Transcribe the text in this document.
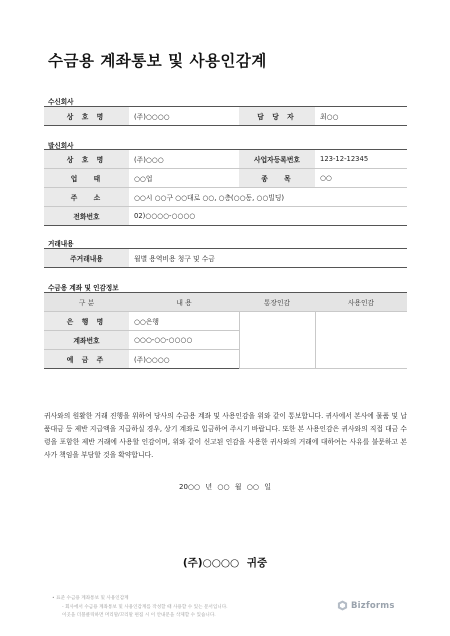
수금용 계좌통보 및 사용인감계
수신회사
상 호 명	(주)○○○○	담 당 자	최○○
발신회사
상 호 명	(주)○○○	사업자등록번호	123-12-12345
업 태	○○업	종 목	○○
주 소	○○시 ○○구 ○○대로 ○○, ○층(○○동, ○○빌딩)		
전화번호	02)○○○○-○○○○		
거래내용
주거래내용	월별 용역비용 청구 및 수금
수금용 계좌 및 인감정보
구 분	내 용	통장인감	사용인감
은 행 명	○○은행		
계좌번호	○○○-○○-○○○○		
예 금 주	(주)○○○○		

귀사와의 원활한 거래 진행을 위하여 당사의 수금용 계좌 및 사용인감을 위와 같이 통보합니다. 귀사에서 본사에 물품 및 납품대금 등 제반 지급액을 지급하실 경우, 상기 계좌로 입금하여 주시기 바랍니다. 또한 본 사용인감은 귀사와의 직접 대금 수령을 포함한 제반 거래에 사용할 인감이며, 위와 같이 신고된 인감을 사용한 귀사와의 거래에 대하여는 사유를 불문하고 본사가 책임을 부담할 것을 확약합니다.

20○○ 년 ○○ 월 ○○ 일
(주)○○○○ 귀중
• 표준 수금용 계좌통보 및 사용인감계
- 회사에서 수금용 계좌통보 및 사용인감계를 작성할 때 사용할 수 있는 문서입니다.
이곳을 더블클릭하면 머리말/꼬리말 편집 시 이 안내문을 삭제할 수 있습니다.
Bizforms
